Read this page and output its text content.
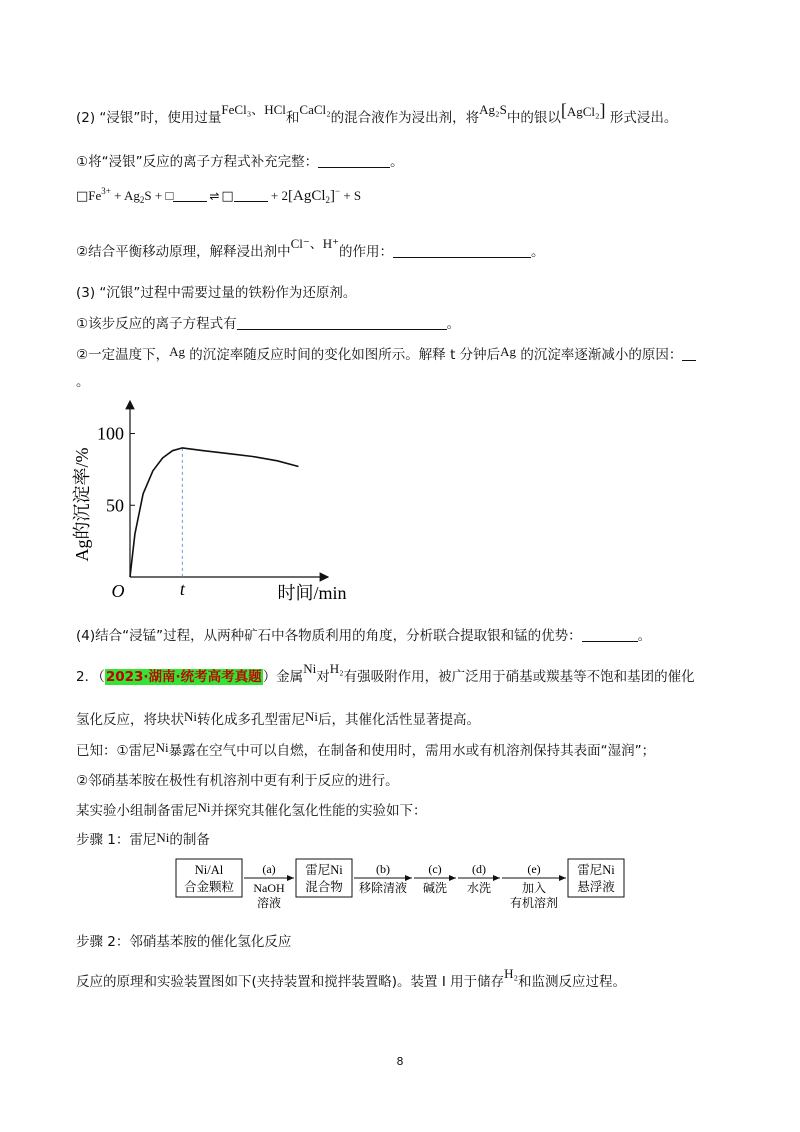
(2) “浸银”时，使用过量FeCl₃、HCl和CaCl₂的混合液作为浸出剂，将Ag₂S中的银以[AgCl₂] 形式浸出。
①将“浸银”反应的离子方程式补充完整：	。
$□Fe^{3+} + Ag_2S$ + □	⇌ □	+ 2[AgCl$_2$]− + S
②结合平衡移动原理，解释浸出剂中Cl⁻、H⁺的作用：	。
(3) “沉银”过程中需要过量的铁粉作为还原剂。
①该步反应的离子方程式有	。
②一定温度下，Ag 的沉淀率随反应时间的变化如图所示。解释 t 分钟后Ag 的沉淀率逐渐减小的原因：
。
100
50
O	t	时间/min
Ag的沉淀率/%
(4)结合“浸锰”过程，从两种矿石中各物质利用的角度，分析联合提取银和锰的优势：	。
2．（2023·湖南·统考高考真题）金属Ni对H₂有强吸附作用，被广泛用于硝基或羰基等不饱和基团的催化
氢化反应，将块状Ni转化成多孔型雷尼Ni后，其催化活性显著提高。
已知：①雷尼Ni暴露在空气中可以自燃，在制备和使用时，需用水或有机溶剂保持其表面“湿润”；
②邻硝基苯胺在极性有机溶剂中更有利于反应的进行。
某实验小组制备雷尼Ni并探究其催化氢化性能的实验如下：
步骤 1：雷尼Ni的制备
Ni/Al
合金颗粒
(a)
NaOH
溶液
雷尼Ni
混合物
(b)
移除清液
(c)
碱洗
(d)
水洗
(e)
加入
有机溶剂
雷尼Ni
悬浮液
步骤 2：邻硝基苯胺的催化氢化反应
反应的原理和实验装置图如下(夹持装置和搅拌装置略)。装置 I 用于储存H₂和监测反应过程。
8
